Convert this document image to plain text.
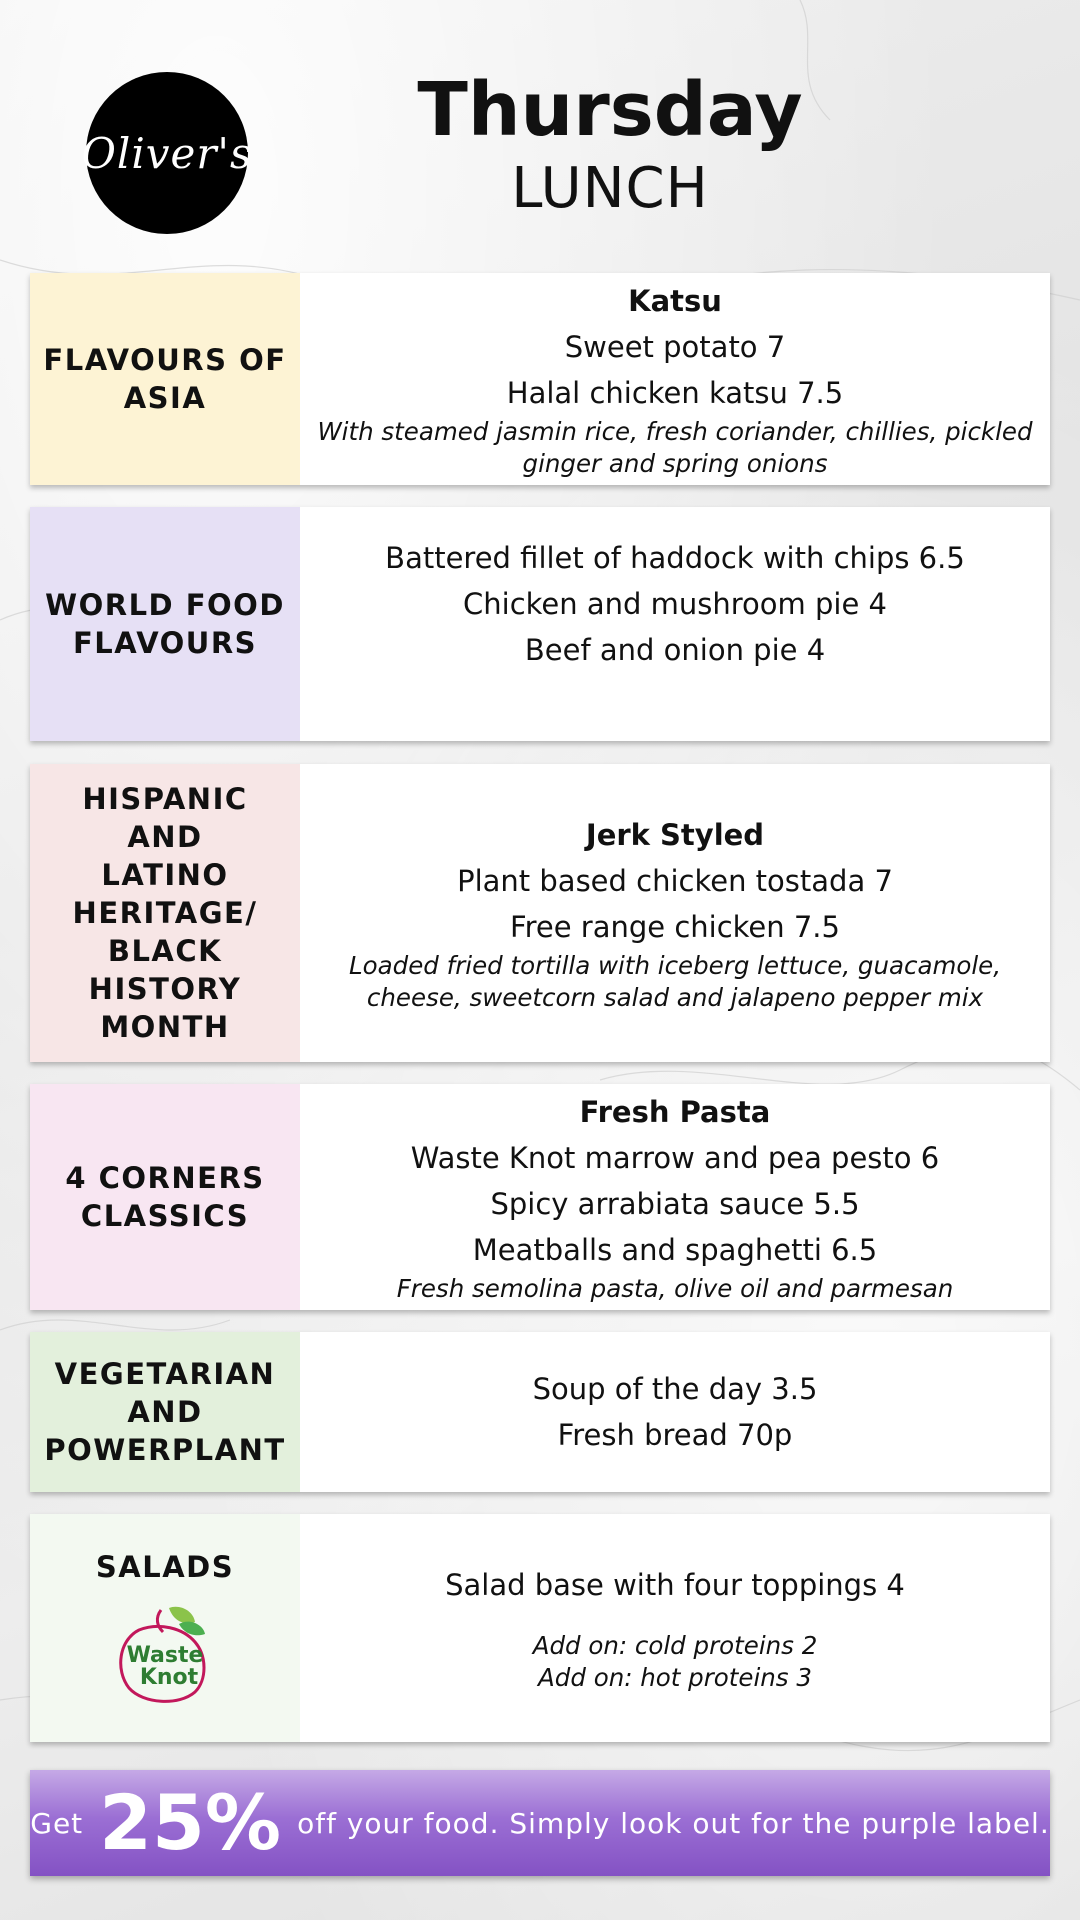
Oliver's	Thursday
LUNCH
FLAVOURS OF
ASIA
Katsu
Sweet potato 7
Halal chicken katsu 7.5
With steamed jasmin rice, fresh coriander, chillies, pickled ginger and spring onions
WORLD FOOD
FLAVOURS
Battered fillet of haddock with chips 6.5
Chicken and mushroom pie 4
Beef and onion pie 4
HISPANIC AND
LATINO
HERITAGE/
BLACK HISTORY
MONTH
Jerk Styled
Plant based chicken tostada 7
Free range chicken 7.5
Loaded fried tortilla with iceberg lettuce, guacamole, cheese, sweetcorn salad and jalapeno pepper mix
4 CORNERS
CLASSICS
Fresh Pasta
Waste Knot marrow and pea pesto 6
Spicy arrabiata sauce 5.5
Meatballs and spaghetti 6.5
Fresh semolina pasta, olive oil and parmesan
VEGETARIAN
AND
POWERPLANT
Soup of the day 3.5
Fresh bread 70p
SALADS
Waste
Knot
Salad base with four toppings 4
Add on: cold proteins 2
Add on: hot proteins 3
Get 25% off your food. Simply look out for the purple label.
